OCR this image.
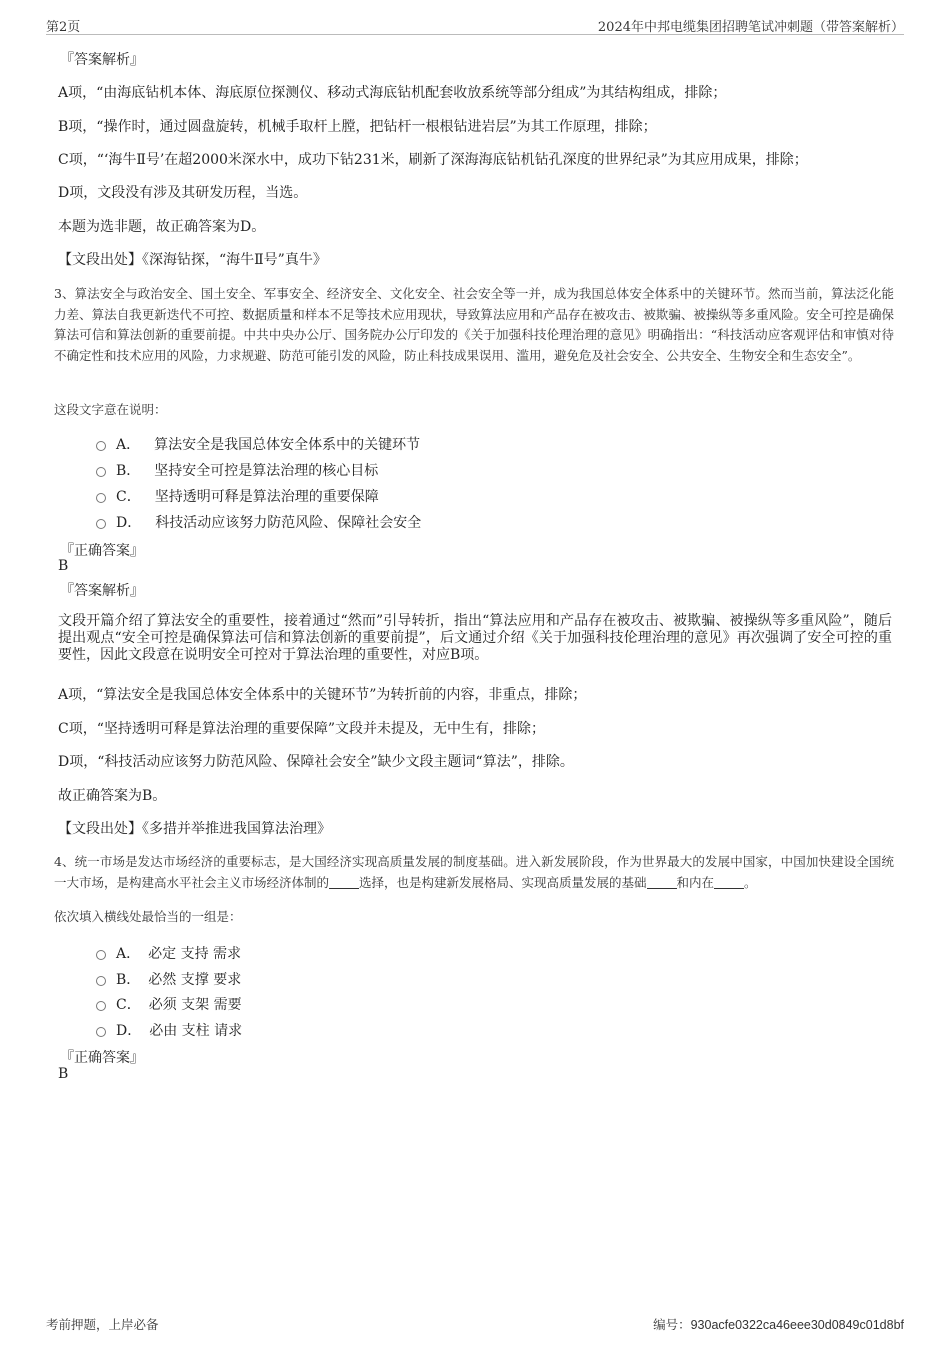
第2页	2024年中邦电缆集团招聘笔试冲刺题（带答案解析）
『答案解析』
A项，“由海底钻机本体、海底原位探测仪、移动式海底钻机配套收放系统等部分组成”为其结构组成，排除；
B项，“操作时，通过圆盘旋转，机械手取杆上膛，把钻杆一根根钻进岩层”为其工作原理，排除；
C项，“‘海牛Ⅱ号’在超2000米深水中，成功下钻231米，刷新了深海海底钻机钻孔深度的世界纪录”为其应用成果，排除；
D项，文段没有涉及其研发历程，当选。
本题为选非题，故正确答案为D。
【文段出处】《深海钻探，“海牛Ⅱ号”真牛》
3、算法安全与政治安全、国土安全、军事安全、经济安全、文化安全、社会安全等一并，成为我国总体安全体系中的关键环节。然而当前，算法泛化能力差、算法自我更新迭代不可控、数据质量和样本不足等技术应用现状，导致算法应用和产品存在被攻击、被欺骗、被操纵等多重风险。安全可控是确保算法可信和算法创新的重要前提。中共中央办公厅、国务院办公厅印发的《关于加强科技伦理治理的意见》明确指出：“科技活动应客观评估和审慎对待不确定性和技术应用的风险，力求规避、防范可能引发的风险，防止科技成果误用、滥用，避免危及社会安全、公共安全、生物安全和生态安全”。
这段文字意在说明：
A． 算法安全是我国总体安全体系中的关键环节
B． 坚持安全可控是算法治理的核心目标
C． 坚持透明可释是算法治理的重要保障
D． 科技活动应该努力防范风险、保障社会安全
『正确答案』
B
『答案解析』
文段开篇介绍了算法安全的重要性，接着通过“然而”引导转折，指出“算法应用和产品存在被攻击、被欺骗、被操纵等多重风险”，随后提出观点“安全可控是确保算法可信和算法创新的重要前提”，后文通过介绍《关于加强科技伦理治理的意见》再次强调了安全可控的重要性，因此文段意在说明安全可控对于算法治理的重要性，对应B项。
A项，“算法安全是我国总体安全体系中的关键环节”为转折前的内容，非重点，排除；
C项，“坚持透明可释是算法治理的重要保障”文段并未提及，无中生有，排除；
D项，“科技活动应该努力防范风险、保障社会安全”缺少文段主题词“算法”，排除。
故正确答案为B。
【文段出处】《多措并举推进我国算法治理》
4、统一市场是发达市场经济的重要标志，是大国经济实现高质量发展的制度基础。进入新发展阶段，作为世界最大的发展中国家，中国加快建设全国统一大市场，是构建高水平社会主义市场经济体制的 选择，也是构建新发展格局、实现高质量发展的基础 和内在 。
依次填入横线处最恰当的一组是：
A． 必定 支持 需求
B． 必然 支撑 要求
C． 必须 支架 需要
D． 必由 支柱 请求
『正确答案』
B
考前押题，上岸必备	编号：930acfe0322ca46eee30d0849c01d8bf
